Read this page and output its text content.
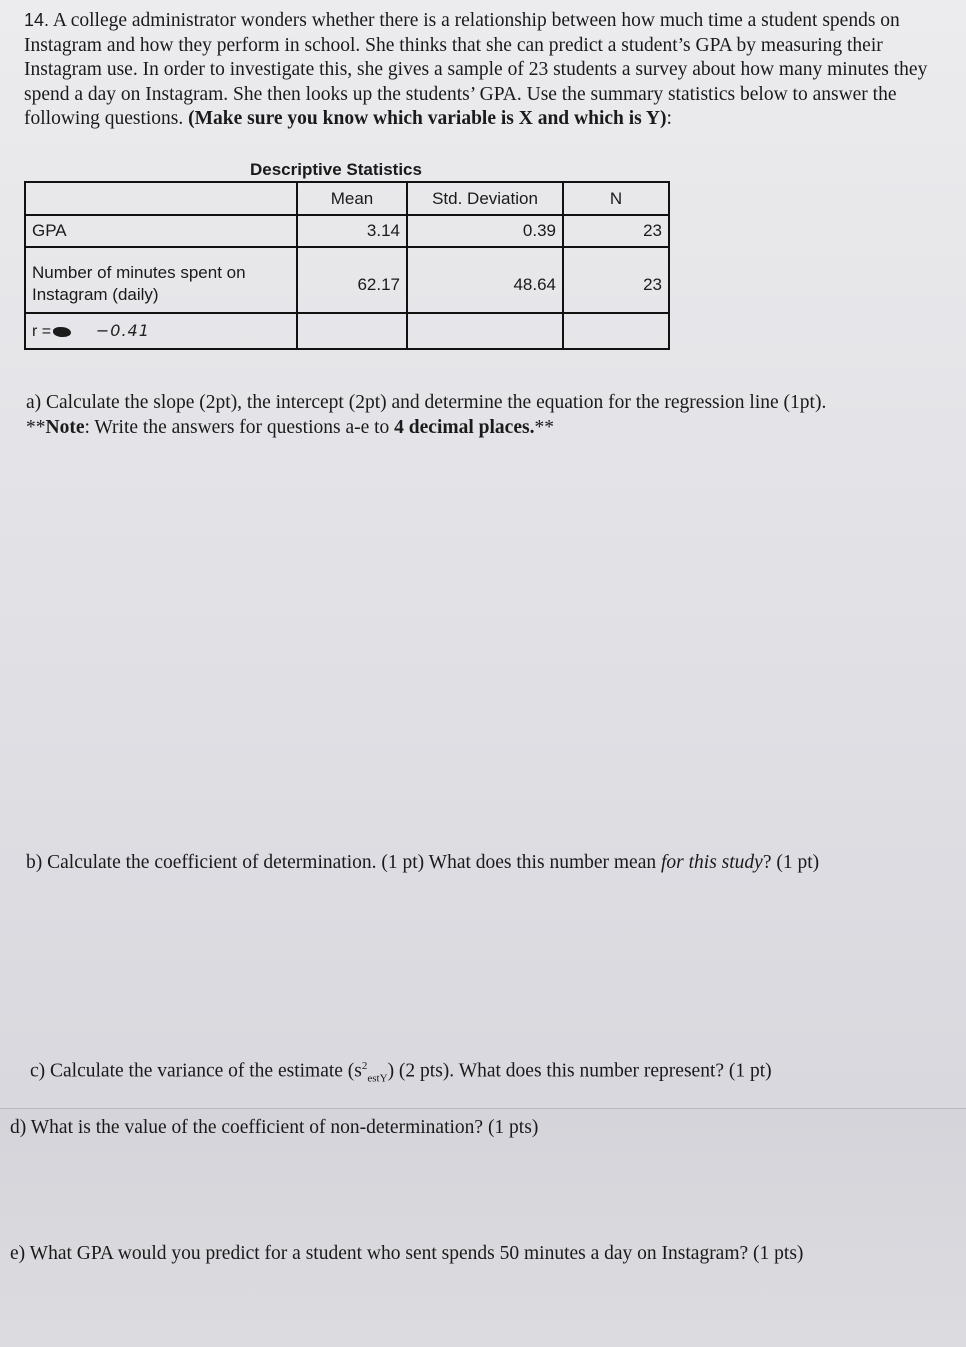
14. A college administrator wonders whether there is a relationship between how much time a student spends on Instagram and how they perform in school. She thinks that she can predict a student’s GPA by measuring their Instagram use. In order to investigate this, she gives a sample of 23 students a survey about how many minutes they spend a day on Instagram. She then looks up the students’ GPA. Use the summary statistics below to answer the following questions. (Make sure you know which variable is X and which is Y):
Descriptive Statistics
	Mean	Std. Deviation	N
GPA	3.14	0.39	23
Number of minutes spent on
Instagram (daily)	62.17	48.64	23
r = −0.41			
a) Calculate the slope (2pt), the intercept (2pt) and determine the equation for the regression line (1pt).
**Note: Write the answers for questions a-e to 4 decimal places.**
b) Calculate the coefficient of determination. (1 pt) What does this number mean for this study? (1 pt)
c) Calculate the variance of the estimate $(s^2_{estY})$ (2 pts). What does this number represent? (1 pt)
d) What is the value of the coefficient of non-determination? (1 pts)
e) What GPA would you predict for a student who sent spends 50 minutes a day on Instagram? (1 pts)
